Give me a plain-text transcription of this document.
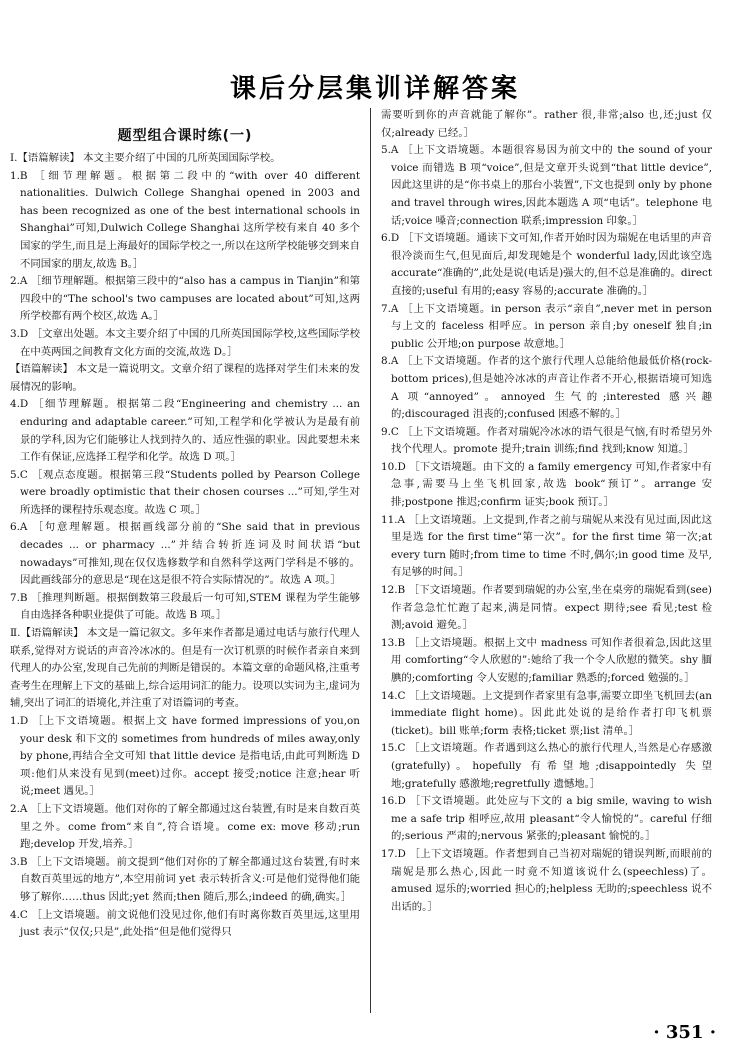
课后分层集训详解答案
题型组合课时练(一)

Ⅰ.【语篇解读】 本文主要介绍了中国的几所英国国际学校。

1.B ［细节理解题。根据第二段中的“with over 40 different nationalities. Dulwich College Shanghai opened in 2003 and has been recognized as one of the best international schools in Shanghai”可知,Dulwich College Shanghai 这所学校有来自 40 多个国家的学生,而且是上海最好的国际学校之一,所以在这所学校能够交到来自不同国家的朋友,故选 B。］

2.A ［细节理解题。根据第三段中的“also has a campus in Tianjin”和第四段中的“The school's two campuses are located about”可知,这两所学校都有两个校区,故选 A。］

3.D ［文章出处题。本文主要介绍了中国的几所英国国际学校,这些国际学校在中英两国之间教育文化方面的交流,故选 D。］

【语篇解读】 本文是一篇说明文。文章介绍了课程的选择对学生们未来的发展情况的影响。

4.D ［细节理解题。根据第二段“Engineering and chemistry ... an enduring and adaptable career.”可知,工程学和化学被认为是最有前景的学科,因为它们能够让人找到持久的、适应性强的职业。因此要想未来工作有保证,应选择工程学和化学。故选 D 项。］

5.C ［观点态度题。根据第三段“Students polled by Pearson College were broadly optimistic that their chosen courses ...”可知,学生对所选择的课程持乐观态度。故选 C 项。］

6.A ［句意理解题。根据画线部分前的“She said that in previous decades ... or pharmacy ...”并结合转折连词及时间状语“but nowadays”可推知,现在仅仅选修数学和自然科学这两门学科是不够的。因此画线部分的意思是“现在这是很不符合实际情况的”。故选 A 项。］

7.B ［推理判断题。根据倒数第三段最后一句可知,STEM 课程为学生能够自由选择各种职业提供了可能。故选 B 项。］

Ⅱ.【语篇解读】 本文是一篇记叙文。多年来作者都是通过电话与旅行代理人联系,觉得对方说话的声音冷冰冰的。但是有一次订机票的时候作者亲自来到代理人的办公室,发现自己先前的判断是错误的。本篇文章的命题风格,注重考查考生在理解上下文的基础上,综合运用词汇的能力。设项以实词为主,虚词为辅,突出了词汇的语境化,并注重了对语篇词的考查。

1.D ［上下文语境题。根据上文 have formed impressions of you,on your desk 和下文的 sometimes from hundreds of miles away,only by phone,再结合全文可知 that little device 是指电话,由此可判断选 D 项:他们从来没有见到(meet)过你。accept 接受;notice 注意;hear 听说;meet 遇见。］

2.A ［上下文语境题。他们对你的了解全都通过这台装置,有时是来自数百英里之外。come from“来自”,符合语境。come ex: move 移动;run 跑;develop 开发,培养。］

3.B ［上下文语境题。前文提到“他们对你的了解全都通过这台装置,有时来自数百英里远的地方”,本空用前词 yet 表示转折含义:可是他们觉得他们能够了解你……thus 因此;yet 然而;then 随后,那么;indeed 的确,确实。］

4.C ［上文语境题。前文说他们没见过你,他们有时离你数百英里远,这里用 just 表示“仅仅;只是”,此处指“但是他们觉得只

需要听到你的声音就能了解你”。rather 很,非常;also 也,还;just 仅仅;already 已经。］

5.A ［上下文语境题。本题很容易因为前文中的 the sound of your voice 而错选 B 项“voice”,但是文章开头说到“that little device”,因此这里讲的是“你书桌上的那台小装置”,下文也提到 only by phone and travel through wires,因此本题选 A 项“电话”。telephone 电话;voice 嗓音;connection 联系;impression 印象。］

6.D ［下文语境题。通读下文可知,作者开始时因为瑞妮在电话里的声音很冷淡而生气,但见面后,却发现她是个 wonderful lady,因此该空选 accurate“准确的”,此处是说(电话是)强大的,但不总是准确的。direct 直接的;useful 有用的;easy 容易的;accurate 准确的。］

7.A ［上下文语境题。in person 表示“亲自”,never met in person 与上文的 faceless 相呼应。in person 亲自;by oneself 独自;in public 公开地;on purpose 故意地。］

8.A ［上下文语境题。作者的这个旅行代理人总能给他最低价格(rock-bottom prices),但是她冷冰冰的声音让作者不开心,根据语境可知选 A 项“annoyed”。annoyed 生气的;interested 感兴趣的;discouraged 沮丧的;confused 困惑不解的。］

9.C ［上下文语境题。作者对瑞妮冷冰冰的语气很是气恼,有时希望另外找个代理人。promote 提升;train 训练;find 找到;know 知道。］

10.D ［下文语境题。由下文的 a family emergency 可知,作者家中有急事,需要马上坐飞机回家,故选 book“预订”。arrange 安排;postpone 推迟;confirm 证实;book 预订。］

11.A ［上文语境题。上文提到,作者之前与瑞妮从来没有见过面,因此这里是选 for the first time“第一次”。for the first time 第一次;at every turn 随时;from time to time 不时,偶尔;in good time 及早,有足够的时间。］

12.B ［下文语境题。作者要到瑞妮的办公室,坐在桌旁的瑞妮看到(see)作者急急忙忙跑了起来,满是同情。expect 期待;see 看见;test 检测;avoid 避免。］

13.B ［上文语境题。根据上文中 madness 可知作者很着急,因此这里用 comforting“令人欣慰的”:她给了我一个令人欣慰的微笑。shy 腼腆的;comforting 令人安慰的;familiar 熟悉的;forced 勉强的。］

14.C ［上文语境题。上文提到作者家里有急事,需要立即坐飞机回去(an immediate flight home)。因此此处说的是给作者打印飞机票(ticket)。bill 账单;form 表格;ticket 票;list 清单。］

15.C ［上文语境题。作者遇到这么热心的旅行代理人,当然是心存感激(gratefully)。hopefully 有希望地;disappointedly 失望地;gratefully 感激地;regretfully 遗憾地。］

16.D ［下文语境题。此处应与下文的 a big smile, waving to wish me a safe trip 相呼应,故用 pleasant“令人愉悦的”。careful 仔细的;serious 严肃的;nervous 紧张的;pleasant 愉悦的。］

17.D ［上下文语境题。作者想到自己当初对瑞妮的错误判断,而眼前的瑞妮是那么热心,因此一时竟不知道该说什么(speechless)了。amused 逗乐的;worried 担心的;helpless 无助的;speechless 说不出话的。］

· 351 ·
